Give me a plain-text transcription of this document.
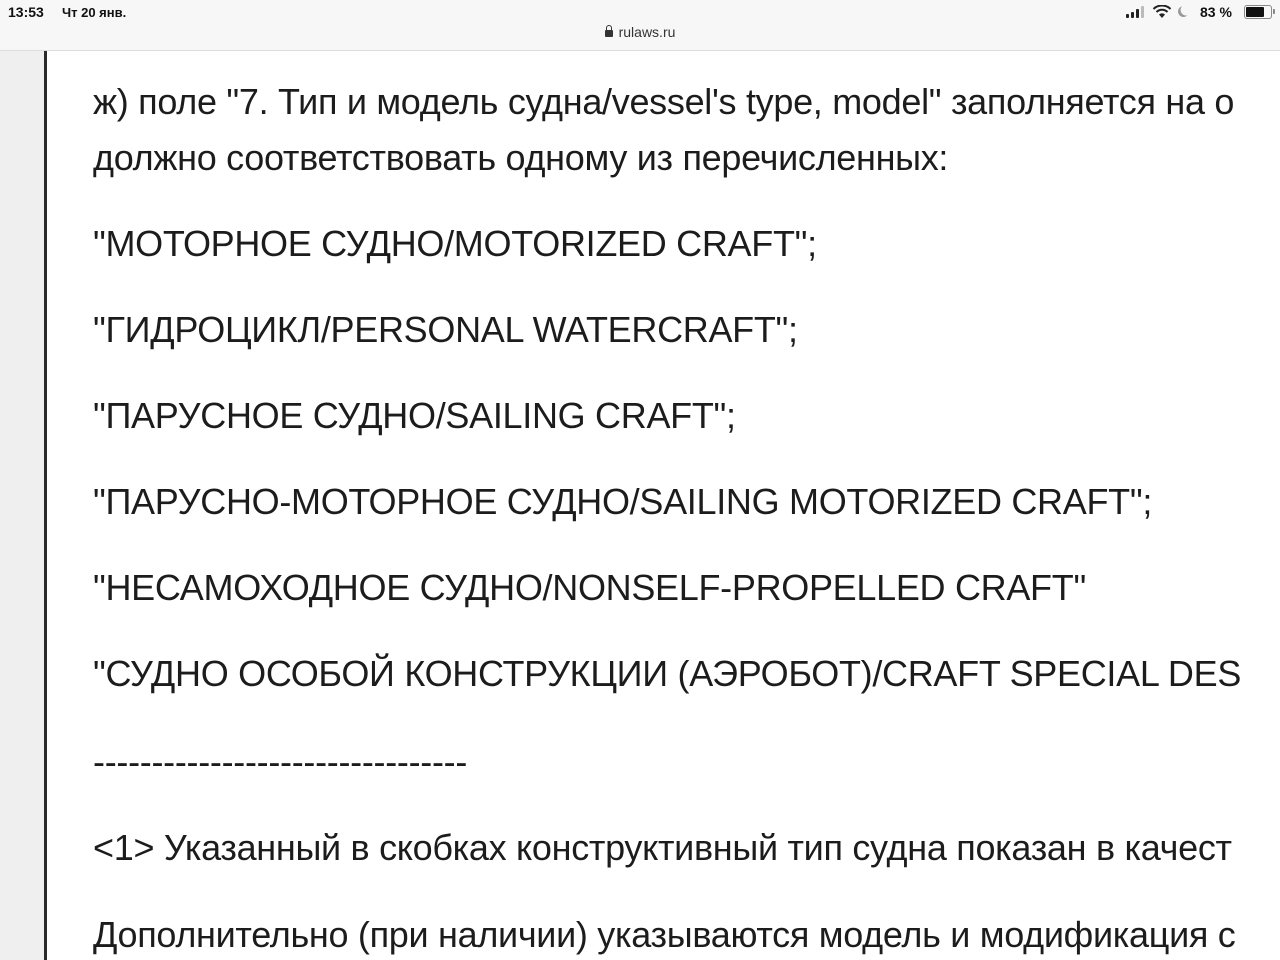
13:53 Чт 20 янв.
rulaws.ru
83 %
ж) поле "7. Тип и модель судна/vessel's type, model" заполняется на о
должно соответствовать одному из перечисленных:
"МОТОРНОЕ СУДНО/MOTORIZED CRAFT";
"ГИДРОЦИКЛ/PERSONAL WATERCRAFT";
"ПАРУСНОЕ СУДНО/SAILING CRAFT";
"ПАРУСНО-МОТОРНОЕ СУДНО/SAILING MOTORIZED CRAFT";
"НЕСАМОХОДНОЕ СУДНО/NONSELF-PROPELLED CRAFT"
"СУДНО ОСОБОЙ КОНСТРУКЦИИ (АЭРОБОТ)/CRAFT SPECIAL DES
--------------------------------
<1> Указанный в скобках конструктивный тип судна показан в качест
Дополнительно (при наличии) указываются модель и модификация с
